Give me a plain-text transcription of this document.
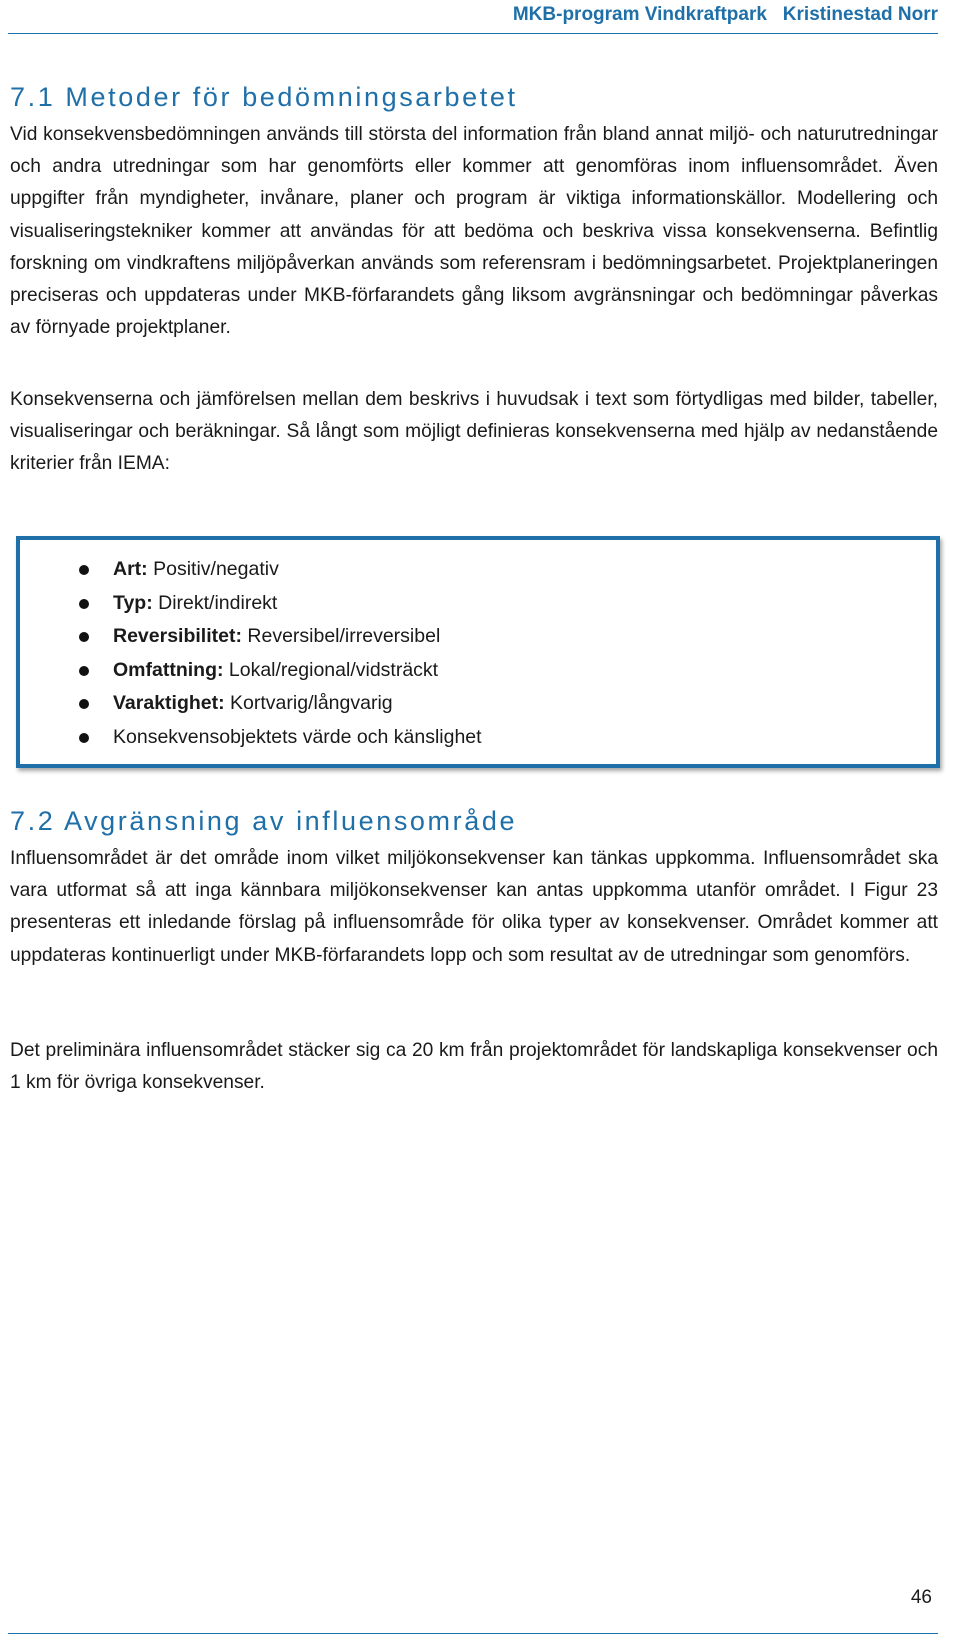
MKB-program Vindkraftpark Kristinestad Norr
7.1 Metoder för bedömningsarbetet

Vid konsekvensbedömningen används till största del information från bland annat miljö- och naturutredningar och andra utredningar som har genomförts eller kommer att genomföras inom influensområdet. Även uppgifter från myndigheter, invånare, planer och program är viktiga informationskällor. Modellering och visualiseringstekniker kommer att användas för att bedöma och beskriva vissa konsekvenserna. Befintlig forskning om vindkraftens miljöpåverkan används som referensram i bedömningsarbetet. Projektplaneringen preciseras och uppdateras under MKB-förfarandets gång liksom avgränsningar och bedömningar påverkas av förnyade projektplaner.

Konsekvenserna och jämförelsen mellan dem beskrivs i huvudsak i text som förtydligas med bilder, tabeller, visualiseringar och beräkningar. Så långt som möjligt definieras konsekvenserna med hjälp av nedanstående kriterier från IEMA:

Art: Positiv/negativ
Typ: Direkt/indirekt
Reversibilitet: Reversibel/irreversibel
Omfattning: Lokal/regional/vidsträckt
Varaktighet: Kortvarig/långvarig
Konsekvensobjektets värde och känslighet
7.2 Avgränsning av influensområde

Influensområdet är det område inom vilket miljökonsekvenser kan tänkas uppkomma. Influensområdet ska vara utformat så att inga kännbara miljökonsekvenser kan antas uppkomma utanför området. I Figur 23 presenteras ett inledande förslag på influensområde för olika typer av konsekvenser. Området kommer att uppdateras kontinuerligt under MKB-förfarandets lopp och som resultat av de utredningar som genomförs.

Det preliminära influensområdet stäcker sig ca 20 km från projektområdet för landskapliga konsekvenser och 1 km för övriga konsekvenser.

46
